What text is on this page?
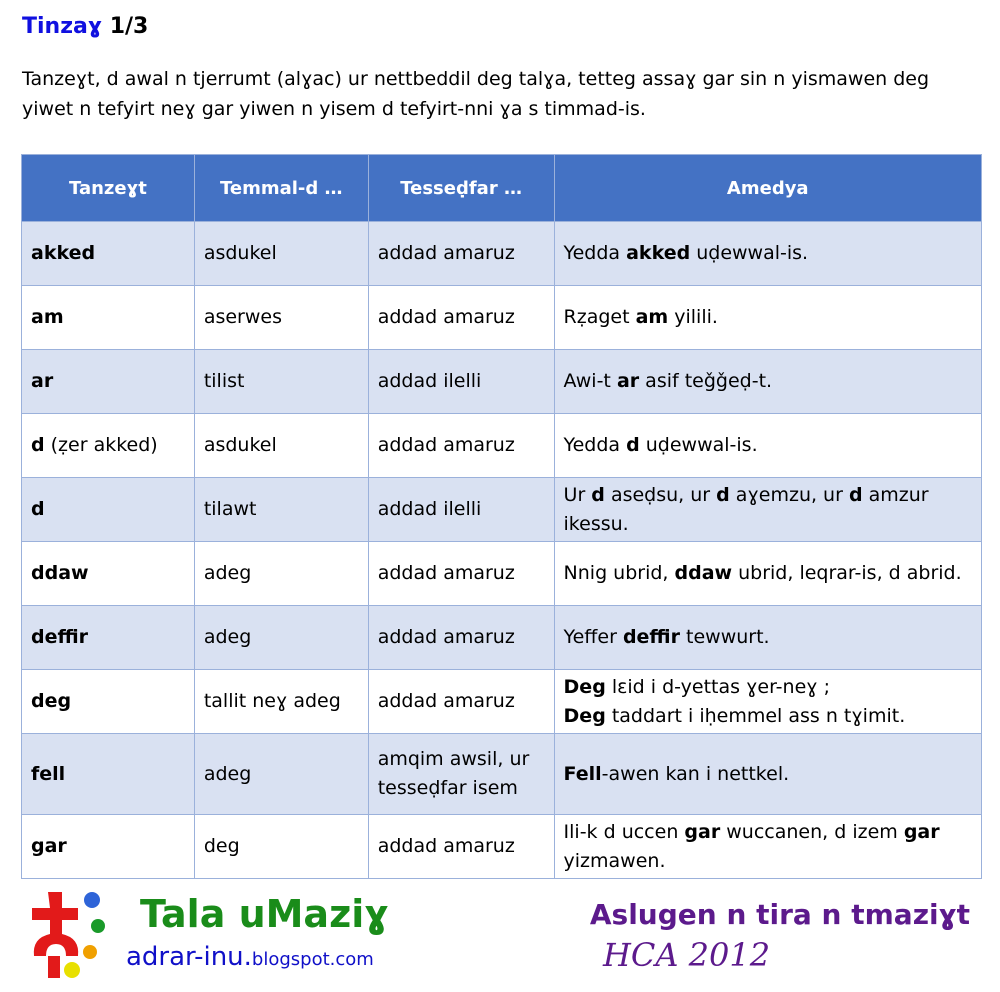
Tinzaɣ 1/3
Tanzeɣt, d awal n tjerrumt (alɣac) ur nettbeddil deg talɣa, tetteg assaɣ gar sin n yismawen deg yiwet n tefyirt neɣ gar yiwen n yisem d tefyirt-nni ɣa s timmad-is.
Tanzeɣt	Temmal-d …	Tesseḍfar …	Amedya
akked	asdukel	addad amaruz	Yedda akked uḍewwal-is.
am	aserwes	addad amaruz	Rẓaget am yilili.
ar	tilist	addad ilelli	Awi-t ar asif teǧǧeḍ-t.
d (ẓer akked)	asdukel	addad amaruz	Yedda d uḍewwal-is.
d	tilawt	addad ilelli	Ur d aseḍsu, ur d aɣemzu, ur d amzur ikessu.
ddaw	adeg	addad amaruz	Nnig ubrid, ddaw ubrid, leqrar-is, d abrid.
deffir	adeg	addad amaruz	Yeffer deffir tewwurt.
deg	tallit neɣ adeg	addad amaruz	Deg lɛid i d-yettas ɣer-neɣ ;
Deg taddart i iḥemmel ass n tɣimit.
fell	adeg	amqim awsil, ur tesseḍfar isem	Fell-awen kan i nettkel.
gar	deg	addad amaruz	Ili-k d uccen gar wuccanen, d izem gar yizmawen.
Tala uMaziɣ
adrar-inu.blogspot.com
Aslugen n tira n tmaziɣt
HCA 2012
